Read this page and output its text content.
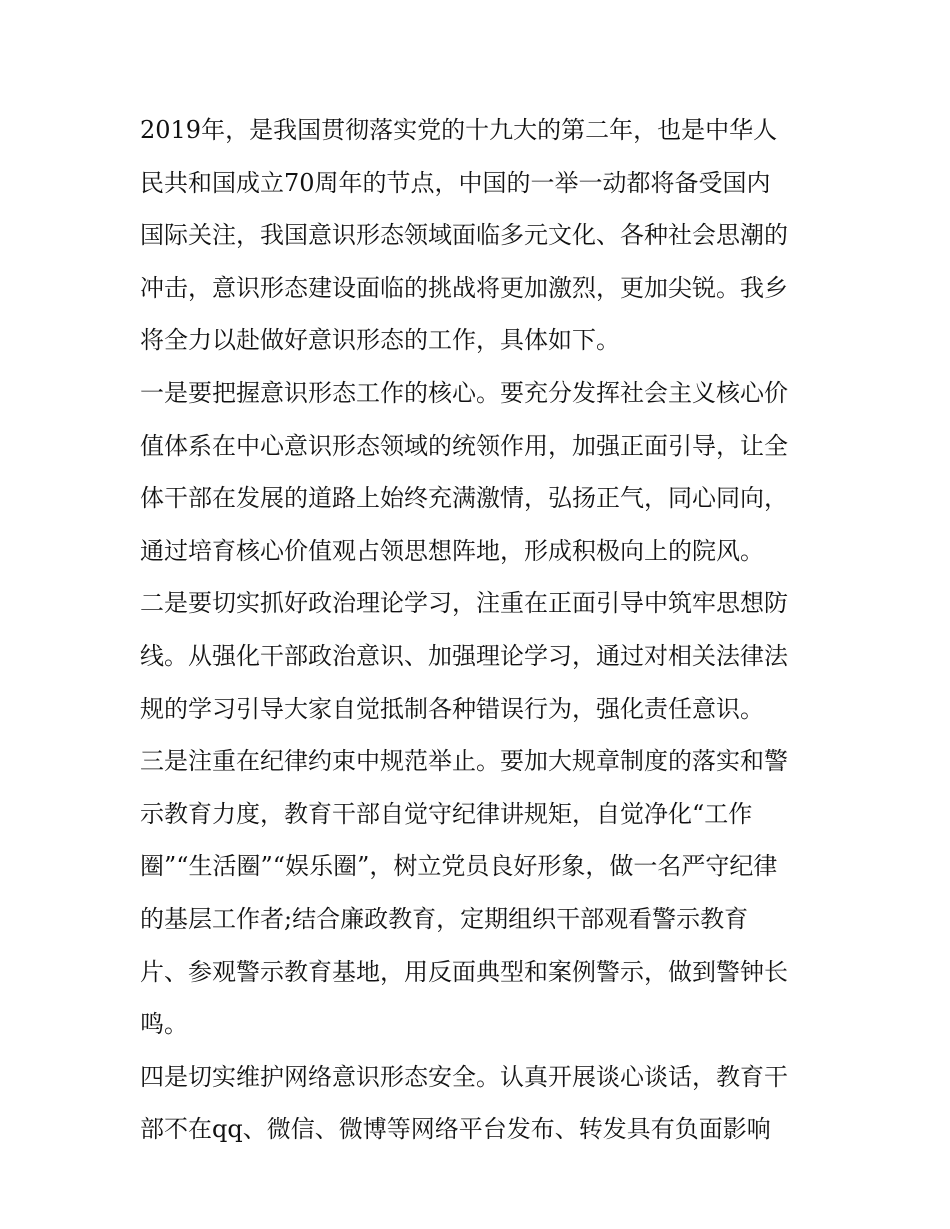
2019年，是我国贯彻落实党的十九大的第二年，也是中华人
民共和国成立70周年的节点，中国的一举一动都将备受国内
国际关注，我国意识形态领域面临多元文化、各种社会思潮的
冲击，意识形态建设面临的挑战将更加激烈，更加尖锐。我乡
将全力以赴做好意识形态的工作，具体如下。

一是要把握意识形态工作的核心。要充分发挥社会主义核心价
值体系在中心意识形态领域的统领作用，加强正面引导，让全
体干部在发展的道路上始终充满激情，弘扬正气，同心同向，
通过培育核心价值观占领思想阵地，形成积极向上的院风。

二是要切实抓好政治理论学习，注重在正面引导中筑牢思想防
线。从强化干部政治意识、加强理论学习，通过对相关法律法
规的学习引导大家自觉抵制各种错误行为，强化责任意识。

三是注重在纪律约束中规范举止。要加大规章制度的落实和警
示教育力度，教育干部自觉守纪律讲规矩，自觉净化“工作
圈”“生活圈”“娱乐圈”，树立党员良好形象，做一名严守纪律
的基层工作者;结合廉政教育，定期组织干部观看警示教育
片、参观警示教育基地，用反面典型和案例警示，做到警钟长
鸣。

四是切实维护网络意识形态安全。认真开展谈心谈话，教育干
部不在qq、微信、微博等网络平台发布、转发具有负面影响
